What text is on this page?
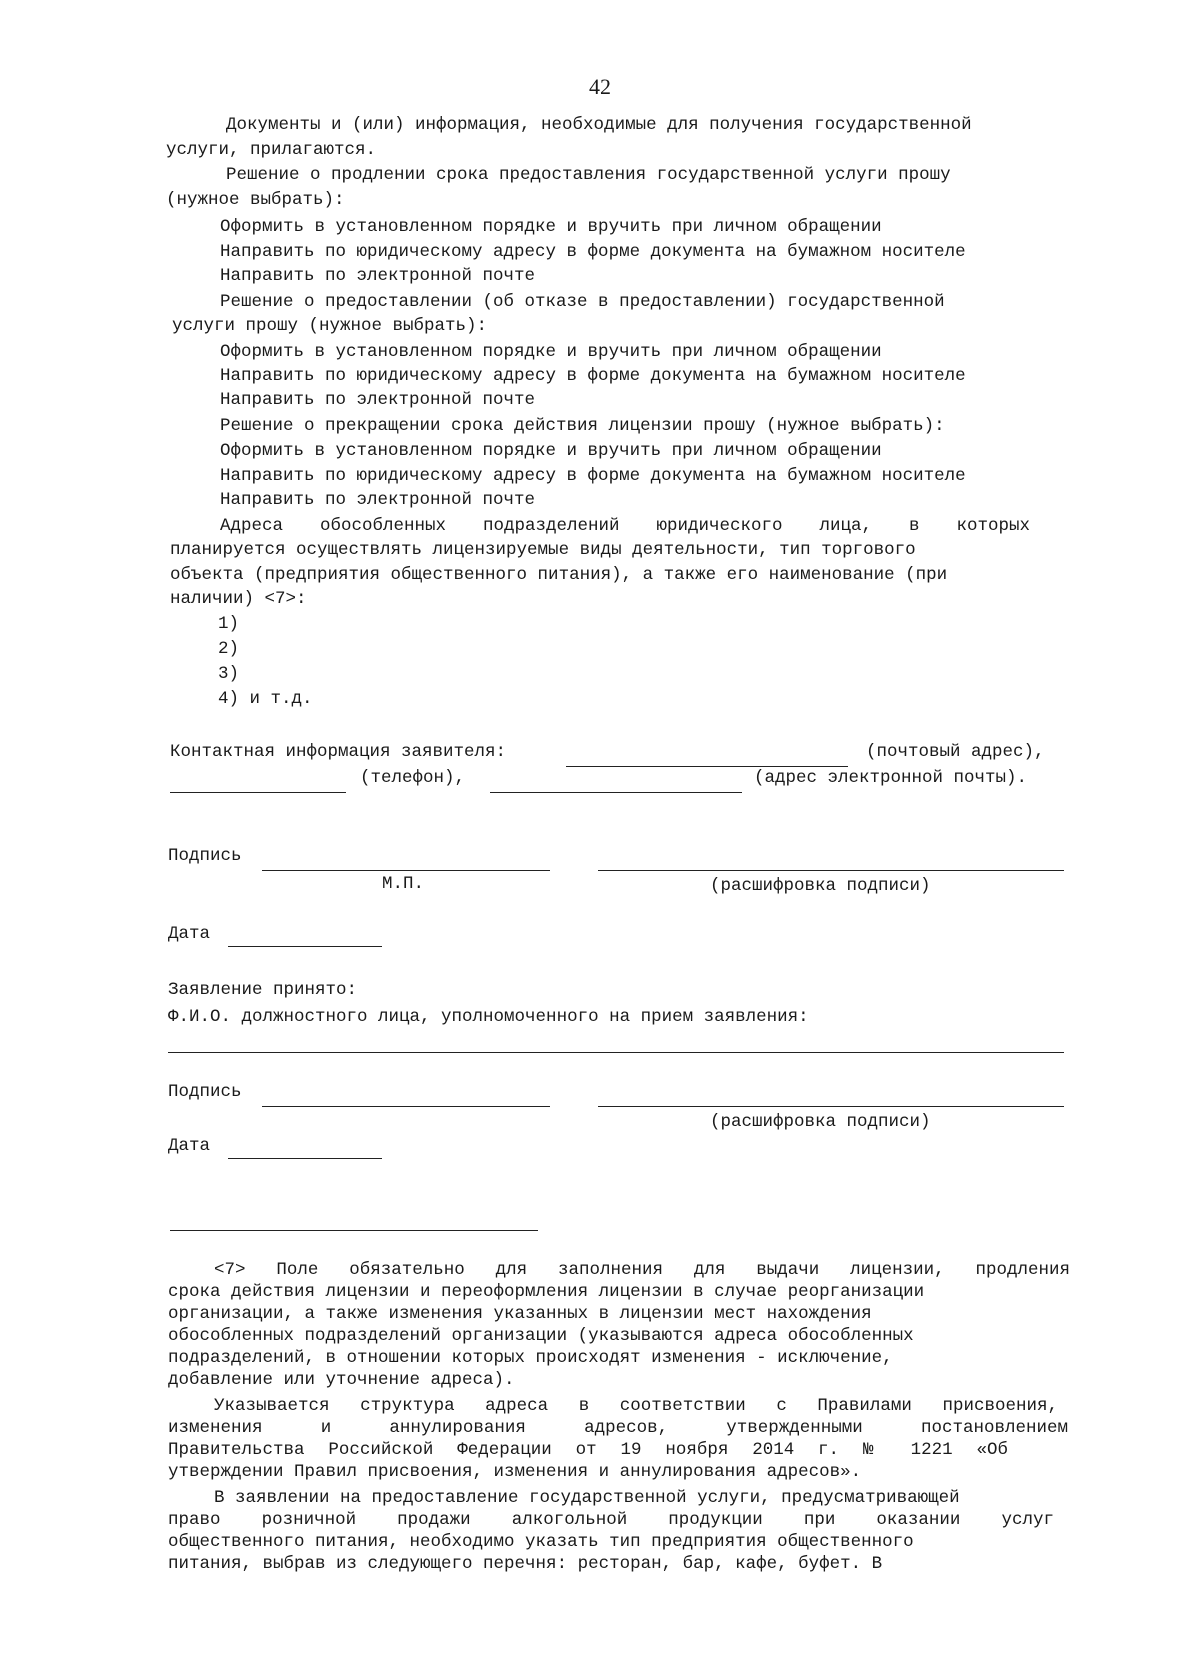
42
Документы и (или) информация, необходимые для получения государственной
услуги, прилагаются.
Решение о продлении срока предоставления государственной услуги прошу
(нужное выбрать):
Оформить в установленном порядке и вручить при личном обращении
Направить по юридическому адресу в форме документа на бумажном носителе
Направить по электронной почте
Решение о предоставлении (об отказе в предоставлении) государственной
услуги прошу (нужное выбрать):
Оформить в установленном порядке и вручить при личном обращении
Направить по юридическому адресу в форме документа на бумажном носителе
Направить по электронной почте
Решение о прекращении срока действия лицензии прошу (нужное выбрать):
Оформить в установленном порядке и вручить при личном обращении
Направить по юридическому адресу в форме документа на бумажном носителе
Направить по электронной почте
Адреса обособленных подразделений юридического лица, в которых
планируется осуществлять лицензируемые виды деятельности, тип торгового
объекта (предприятия общественного питания), а также его наименование (при
наличии) <7>:
1)
2)
3)
4) и т.д.
Контактная информация заявителя:	(почтовый адрес),
(телефон),	(адрес электронной почты).
Подпись
М.П.	(расшифровка подписи)
Дата
Заявление принято:
Ф.И.О. должностного лица, уполномоченного на прием заявления:
Подпись
(расшифровка подписи)
Дата
<7> Поле обязательно для заполнения для выдачи лицензии, продления
срока действия лицензии и переоформления лицензии в случае реорганизации
организации, а также изменения указанных в лицензии мест нахождения
обособленных подразделений организации (указываются адреса обособленных
подразделений, в отношении которых происходят изменения - исключение,
добавление или уточнение адреса).
Указывается структура адреса в соответствии с Правилами присвоения,
изменения и аннулирования адресов, утвержденными постановлением
Правительства Российской Федерации от 19 ноября 2014 г. № 1221 «Об
утверждении Правил присвоения, изменения и аннулирования адресов».
В заявлении на предоставление государственной услуги, предусматривающей
право розничной продажи алкогольной продукции при оказании услуг
общественного питания, необходимо указать тип предприятия общественного
питания, выбрав из следующего перечня: ресторан, бар, кафе, буфет. В
